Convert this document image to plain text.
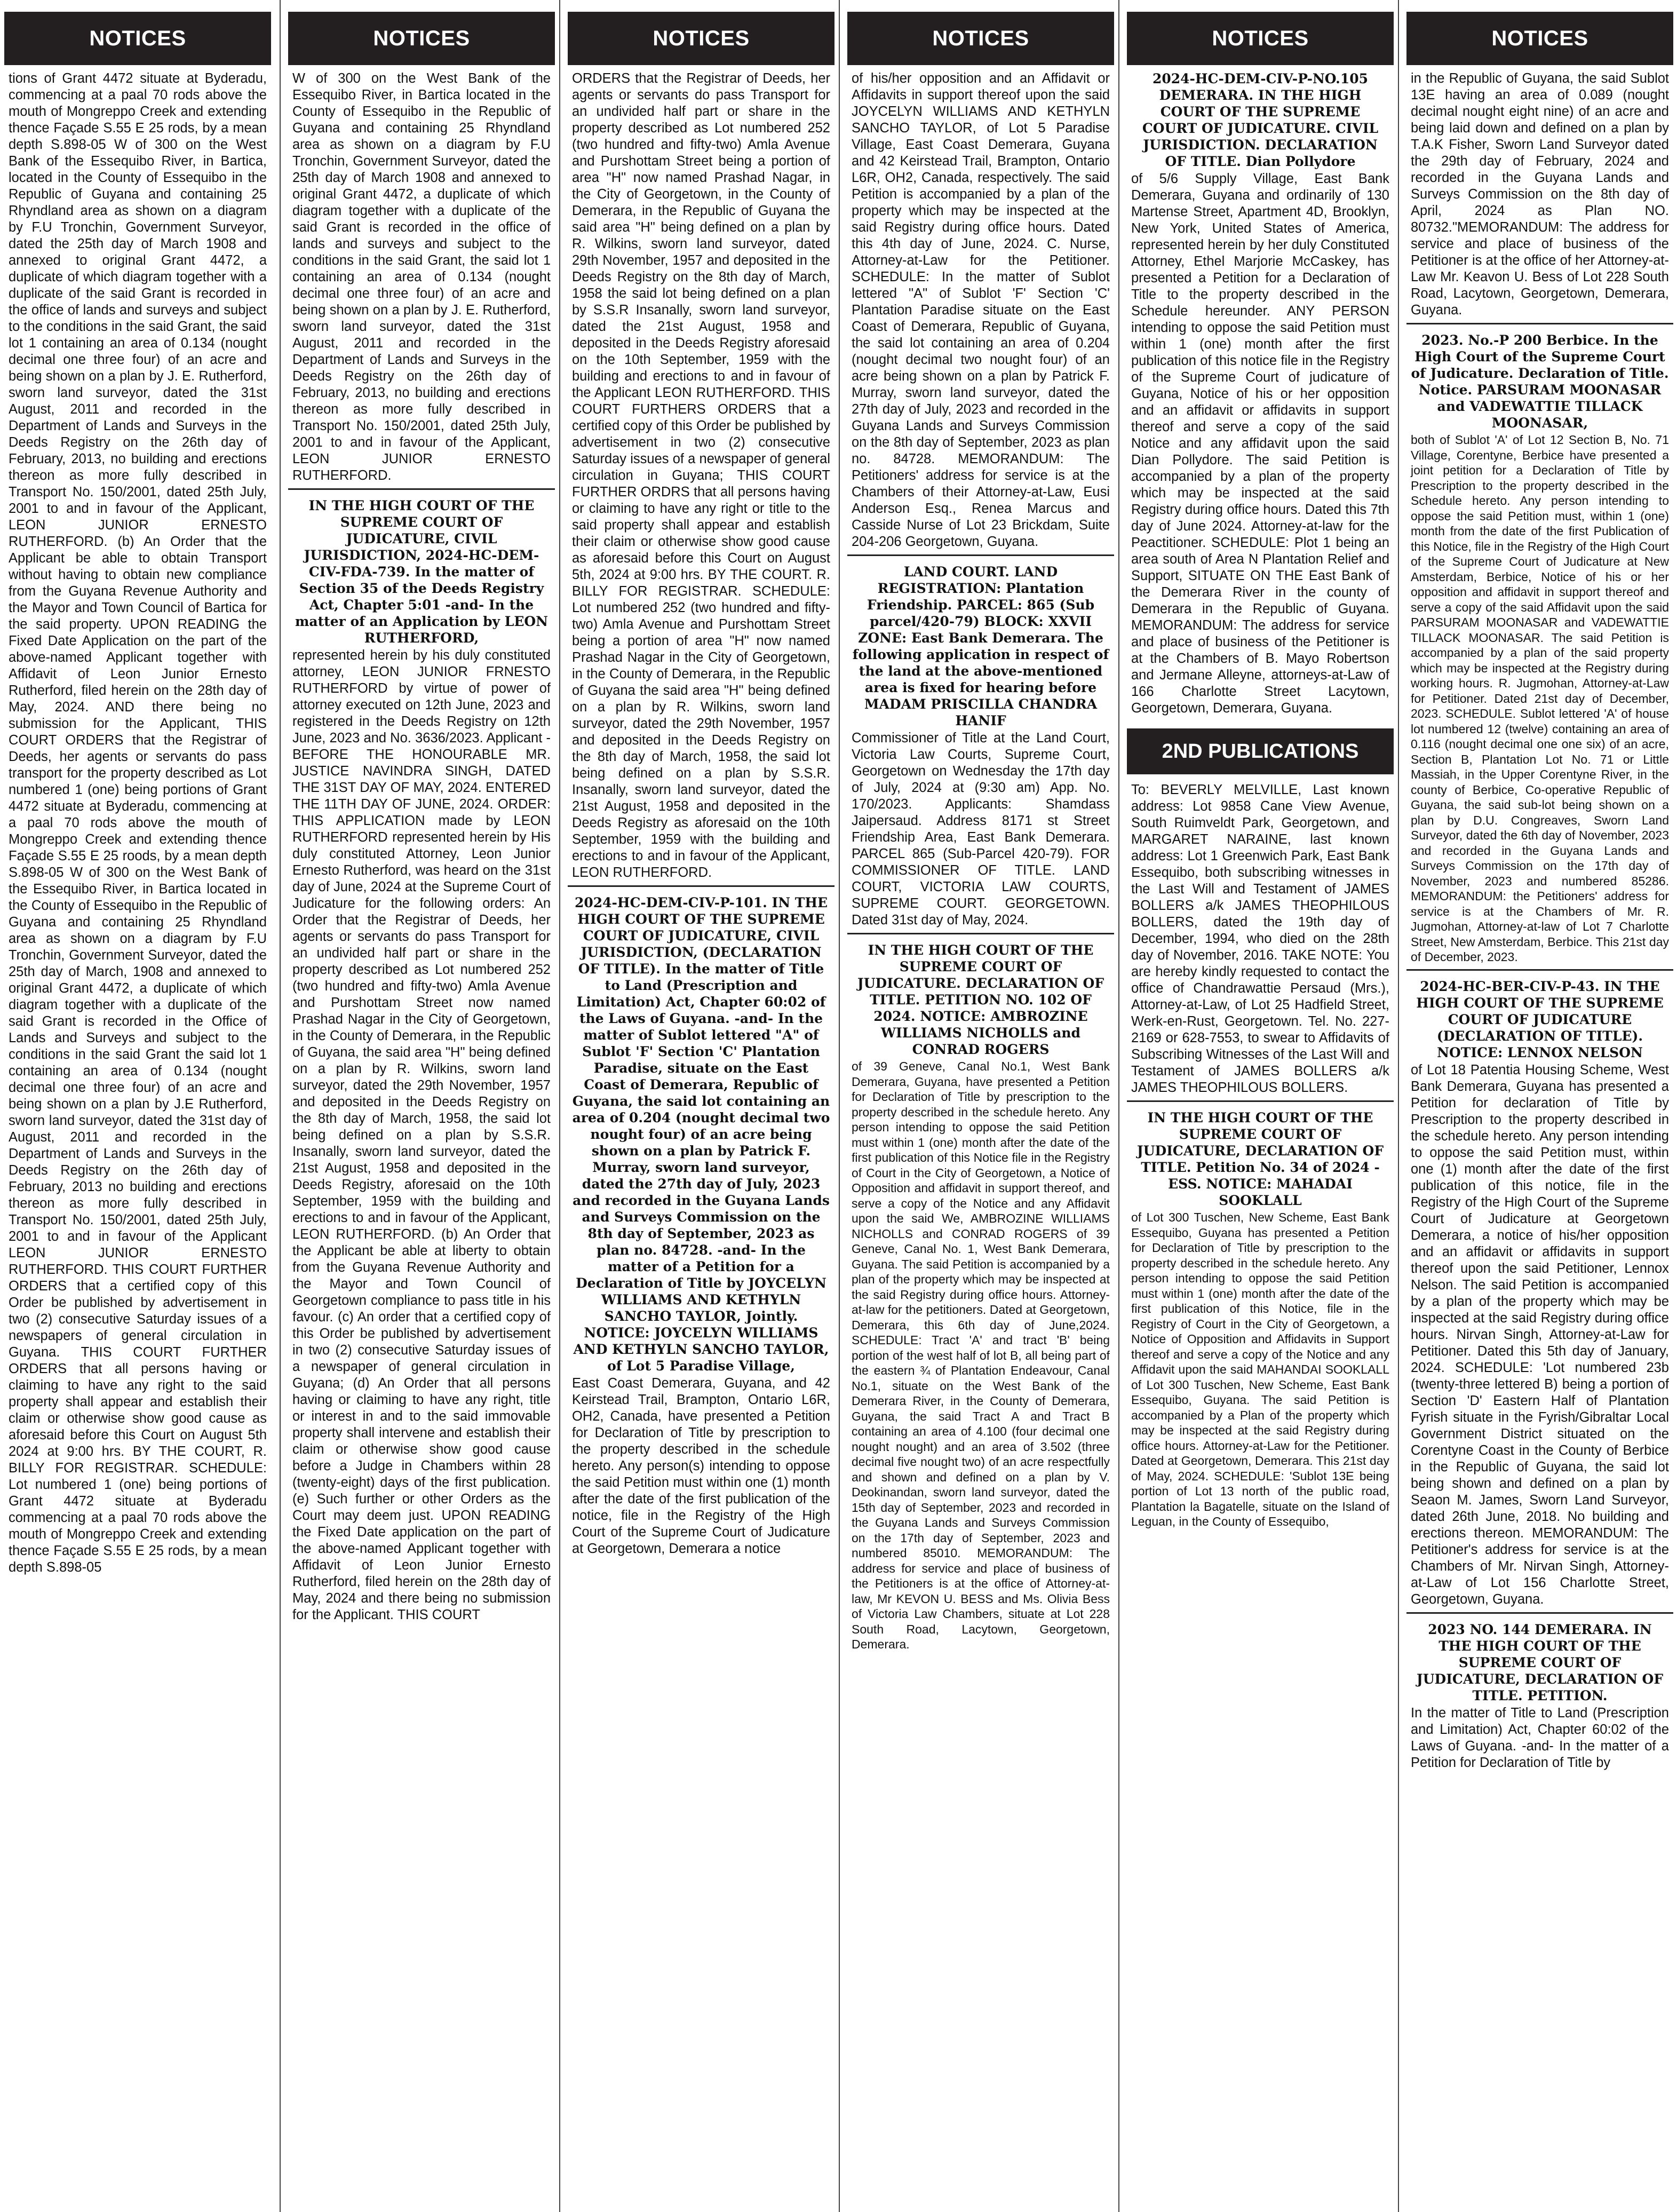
NOTICES
tions of Grant 4472 situate at Byderadu, commencing at a paal 70 rods above the mouth of Mongreppo Creek and extending thence Façade S.55 E 25 rods, by a mean depth S.898-05 W of 300 on the West Bank of the Essequibo River, in Bartica, located in the County of Essequibo in the Republic of Guyana and containing 25 Rhyndland area as shown on a diagram by F.U Tronchin, Government Surveyor, dated the 25th day of March 1908 and annexed to original Grant 4472, a duplicate of which diagram together with a duplicate of the said Grant is recorded in the office of lands and surveys and subject to the conditions in the said Grant, the said lot 1 containing an area of 0.134 (nought decimal one three four) of an acre and being shown on a plan by J. E. Rutherford, sworn land surveyor, dated the 31st August, 2011 and recorded in the Department of Lands and Surveys in the Deeds Registry on the 26th day of February, 2013, no building and erections thereon as more fully described in Transport No. 150/2001, dated 25th July, 2001 to and in favour of the Applicant, LEON JUNIOR ERNESTO RUTHERFORD. (b) An Order that the Applicant be able to obtain Transport without having to obtain new compliance from the Guyana Revenue Authority and the Mayor and Town Council of Bartica for the said property. UPON READING the Fixed Date Application on the part of the above-named Applicant together with Affidavit of Leon Junior Ernesto Rutherford, filed herein on the 28th day of May, 2024. AND there being no submission for the Applicant, THIS COURT ORDERS that the Registrar of Deeds, her agents or servants do pass transport for the property described as Lot numbered 1 (one) being portions of Grant 4472 situate at Byderadu, commencing at a paal 70 rods above the mouth of Mongreppo Creek and extending thence Façade S.55 E 25 roods, by a mean depth S.898-05 W of 300 on the West Bank of the Essequibo River, in Bartica located in the County of Essequibo in the Republic of Guyana and containing 25 Rhyndland area as shown on a diagram by F.U Tronchin, Government Surveyor, dated the 25th day of March, 1908 and annexed to original Grant 4472, a duplicate of which diagram together with a duplicate of the said Grant is recorded in the Office of Lands and Surveys and subject to the conditions in the said Grant the said lot 1 containing an area of 0.134 (nought decimal one three four) of an acre and being shown on a plan by J.E Rutherford, sworn land surveyor, dated the 31st day of August, 2011 and recorded in the Department of Lands and Surveys in the Deeds Registry on the 26th day of February, 2013 no building and erections thereon as more fully described in Transport No. 150/2001, dated 25th July, 2001 to and in favour of the Applicant LEON JUNIOR ERNESTO RUTHERFORD. THIS COURT FURTHER ORDERS that a certified copy of this Order be published by advertisement in two (2) consecutive Saturday issues of a newspapers of general circulation in Guyana. THIS COURT FURTHER ORDERS that all persons having or claiming to have any right to the said property shall appear and establish their claim or otherwise show good cause as aforesaid before this Court on August 5th 2024 at 9:00 hrs. BY THE COURT, R. BILLY FOR REGISTRAR. SCHEDULE: Lot numbered 1 (one) being portions of Grant 4472 situate at Byderadu commencing at a paal 70 rods above the mouth of Mongreppo Creek and extending thence Façade S.55 E 25 rods, by a mean depth S.898-05
NOTICES
W of 300 on the West Bank of the Essequibo River, in Bartica located in the County of Essequibo in the Republic of Guyana and containing 25 Rhyndland area as shown on a diagram by F.U Tronchin, Government Surveyor, dated the 25th day of March 1908 and annexed to original Grant 4472, a duplicate of which diagram together with a duplicate of the said Grant is recorded in the office of lands and surveys and subject to the conditions in the said Grant, the said lot 1 containing an area of 0.134 (nought decimal one three four) of an acre and being shown on a plan by J. E. Rutherford, sworn land surveyor, dated the 31st August, 2011 and recorded in the Department of Lands and Surveys in the Deeds Registry on the 26th day of February, 2013, no building and erections thereon as more fully described in Transport No. 150/2001, dated 25th July, 2001 to and in favour of the Applicant, LEON JUNIOR ERNESTO RUTHERFORD.
IN THE HIGH COURT OF THE SUPREME COURT OF JUDICATURE, CIVIL JURISDICTION, 2024-HC-DEM-CIV-FDA-739. In the matter of Section 35 of the Deeds Registry Act, Chapter 5:01 -and- In the matter of an Application by LEON RUTHERFORD,
represented herein by his duly constituted attorney, LEON JUNIOR FRNESTO RUTHERFORD by virtue of power of attorney executed on 12th June, 2023 and registered in the Deeds Registry on 12th June, 2023 and No. 3636/2023. Applicant - BEFORE THE HONOURABLE MR. JUSTICE NAVINDRA SINGH, DATED THE 31ST DAY OF MAY, 2024. ENTERED THE 11TH DAY OF JUNE, 2024. ORDER: THIS APPLICATION made by LEON RUTHERFORD represented herein by His duly constituted Attorney, Leon Junior Ernesto Rutherford, was heard on the 31st day of June, 2024 at the Supreme Court of Judicature for the following orders: An Order that the Registrar of Deeds, her agents or servants do pass Transport for an undivided half part or share in the property described as Lot numbered 252 (two hundred and fifty-two) Amla Avenue and Purshottam Street now named Prashad Nagar in the City of Georgetown, in the County of Demerara, in the Republic of Guyana, the said area "H" being defined on a plan by R. Wilkins, sworn land surveyor, dated the 29th November, 1957 and deposited in the Deeds Registry on the 8th day of March, 1958, the said lot being defined on a plan by S.S.R. Insanally, sworn land surveyor, dated the 21st August, 1958 and deposited in the Deeds Registry, aforesaid on the 10th September, 1959 with the building and erections to and in favour of the Applicant, LEON RUTHERFORD. (b) An Order that the Applicant be able at liberty to obtain from the Guyana Revenue Authority and the Mayor and Town Council of Georgetown compliance to pass title in his favour. (c) An order that a certified copy of this Order be published by advertisement in two (2) consecutive Saturday issues of a newspaper of general circulation in Guyana; (d) An Order that all persons having or claiming to have any right, title or interest in and to the said immovable property shall intervene and establish their claim or otherwise show good cause before a Judge in Chambers within 28 (twenty-eight) days of the first publication. (e) Such further or other Orders as the Court may deem just. UPON READING the Fixed Date application on the part of the above-named Applicant together with Affidavit of Leon Junior Ernesto Rutherford, filed herein on the 28th day of May, 2024 and there being no submission for the Applicant. THIS COURT
NOTICES
ORDERS that the Registrar of Deeds, her agents or servants do pass Transport for an undivided half part or share in the property described as Lot numbered 252 (two hundred and fifty-two) Amla Avenue and Purshottam Street being a portion of area "H" now named Prashad Nagar, in the City of Georgetown, in the County of Demerara, in the Republic of Guyana the said area "H" being defined on a plan by R. Wilkins, sworn land surveyor, dated 29th November, 1957 and deposited in the Deeds Registry on the 8th day of March, 1958 the said lot being defined on a plan by S.S.R Insanally, sworn land surveyor, dated the 21st August, 1958 and deposited in the Deeds Registry aforesaid on the 10th September, 1959 with the building and erections to and in favour of the Applicant LEON RUTHERFORD. THIS COURT FURTHERS ORDERS that a certified copy of this Order be published by advertisement in two (2) consecutive Saturday issues of a newspaper of general circulation in Guyana; THIS COURT FURTHER ORDRS that all persons having or claiming to have any right or title to the said property shall appear and establish their claim or otherwise show good cause as aforesaid before this Court on August 5th, 2024 at 9:00 hrs. BY THE COURT. R. BILLY FOR REGISTRAR. SCHEDULE: Lot numbered 252 (two hundred and fifty-two) Amla Avenue and Purshottam Street being a portion of area "H" now named Prashad Nagar in the City of Georgetown, in the County of Demerara, in the Republic of Guyana the said area "H" being defined on a plan by R. Wilkins, sworn land surveyor, dated the 29th November, 1957 and deposited in the Deeds Registry on the 8th day of March, 1958, the said lot being defined on a plan by S.S.R. Insanally, sworn land surveyor, dated the 21st August, 1958 and deposited in the Deeds Registry as aforesaid on the 10th September, 1959 with the building and erections to and in favour of the Applicant, LEON RUTHERFORD.
2024-HC-DEM-CIV-P-101. IN THE HIGH COURT OF THE SUPREME COURT OF JUDICATURE, CIVIL JURISDICTION, (DECLARATION OF TITLE). In the matter of Title to Land (Prescription and Limitation) Act, Chapter 60:02 of the Laws of Guyana. -and- In the matter of Sublot lettered "A" of Sublot 'F' Section 'C' Plantation Paradise, situate on the East Coast of Demerara, Republic of Guyana, the said lot containing an area of 0.204 (nought decimal two nought four) of an acre being shown on a plan by Patrick F. Murray, sworn land surveyor, dated the 27th day of July, 2023 and recorded in the Guyana Lands and Surveys Commission on the 8th day of September, 2023 as plan no. 84728. -and- In the matter of a Petition for a Declaration of Title by JOYCELYN WILLIAMS AND KETHYLN SANCHO TAYLOR, Jointly. NOTICE: JOYCELYN WILLIAMS AND KETHYLN SANCHO TAYLOR, of Lot 5 Paradise Village,
East Coast Demerara, Guyana, and 42 Keirstead Trail, Brampton, Ontario L6R, OH2, Canada, have presented a Petition for Declaration of Title by prescription to the property described in the schedule hereto. Any person(s) intending to oppose the said Petition must within one (1) month after the date of the first publication of the notice, file in the Registry of the High Court of the Supreme Court of Judicature at Georgetown, Demerara a notice
NOTICES
of his/her opposition and an Affidavit or Affidavits in support thereof upon the said JOYCELYN WILLIAMS AND KETHYLN SANCHO TAYLOR, of Lot 5 Paradise Village, East Coast Demerara, Guyana and 42 Keirstead Trail, Brampton, Ontario L6R, OH2, Canada, respectively. The said Petition is accompanied by a plan of the property which may be inspected at the said Registry during office hours. Dated this 4th day of June, 2024. C. Nurse, Attorney-at-Law for the Petitioner. SCHEDULE: In the matter of Sublot lettered "A" of Sublot 'F' Section 'C' Plantation Paradise situate on the East Coast of Demerara, Republic of Guyana, the said lot containing an area of 0.204 (nought decimal two nought four) of an acre being shown on a plan by Patrick F. Murray, sworn land surveyor, dated the 27th day of July, 2023 and recorded in the Guyana Lands and Surveys Commission on the 8th day of September, 2023 as plan no. 84728. MEMORANDUM: The Petitioners' address for service is at the Chambers of their Attorney-at-Law, Eusi Anderson Esq., Renea Marcus and Casside Nurse of Lot 23 Brickdam, Suite 204-206 Georgetown, Guyana.
LAND COURT. LAND REGISTRATION: Plantation Friendship. PARCEL: 865 (Sub parcel/420-79) BLOCK: XXVII ZONE: East Bank Demerara. The following application in respect of the land at the above-mentioned area is fixed for hearing before MADAM PRISCILLA CHANDRA HANIF
Commissioner of Title at the Land Court, Victoria Law Courts, Supreme Court, Georgetown on Wednesday the 17th day of July, 2024 at (9:30 am) App. No. 170/2023. Applicants: Shamdass Jaipersaud. Address 8171 st Street Friendship Area, East Bank Demerara. PARCEL 865 (Sub-Parcel 420-79). FOR COMMISSIONER OF TITLE. LAND COURT, VICTORIA LAW COURTS, SUPREME COURT. GEORGETOWN. Dated 31st day of May, 2024.
IN THE HIGH COURT OF THE SUPREME COURT OF JUDICATURE. DECLARATION OF TITLE. PETITION NO. 102 OF 2024. NOTICE: AMBROZINE WILLIAMS NICHOLLS and CONRAD ROGERS
of 39 Geneve, Canal No.1, West Bank Demerara, Guyana, have presented a Petition for Declaration of Title by prescription to the property described in the schedule hereto. Any person intending to oppose the said Petition must within 1 (one) month after the date of the first publication of this Notice file in the Registry of Court in the City of Georgetown, a Notice of Opposition and affidavit in support thereof, and serve a copy of the Notice and any Affidavit upon the said We, AMBROZINE WILLIAMS NICHOLLS and CONRAD ROGERS of 39 Geneve, Canal No. 1, West Bank Demerara, Guyana. The said Petition is accompanied by a plan of the property which may be inspected at the said Registry during office hours. Attorney-at-law for the petitioners. Dated at Georgetown, Demerara, this 6th day of June,2024. SCHEDULE: Tract 'A' and tract 'B' being portion of the west half of lot B, all being part of the eastern ¾ of Plantation Endeavour, Canal No.1, situate on the West Bank of the Demerara River, in the County of Demerara, Guyana, the said Tract A and Tract B containing an area of 4.100 (four decimal one nought nought) and an area of 3.502 (three decimal five nought two) of an acre respectfully and shown and defined on a plan by V. Deokinandan, sworn land surveyor, dated the 15th day of September, 2023 and recorded in the Guyana Lands and Surveys Commission on the 17th day of September, 2023 and numbered 85010. MEMORANDUM: The address for service and place of business of the Petitioners is at the office of Attorney-at-law, Mr KEVON U. BESS and Ms. Olivia Bess of Victoria Law Chambers, situate at Lot 228 South Road, Lacytown, Georgetown, Demerara.
NOTICES
2024-HC-DEM-CIV-P-NO.105 DEMERARA. IN THE HIGH COURT OF THE SUPREME COURT OF JUDICATURE. CIVIL JURISDICTION. DECLARATION OF TITLE. Dian Pollydore
of 5/6 Supply Village, East Bank Demerara, Guyana and ordinarily of 130 Martense Street, Apartment 4D, Brooklyn, New York, United States of America, represented herein by her duly Constituted Attorney, Ethel Marjorie McCaskey, has presented a Petition for a Declaration of Title to the property described in the Schedule hereunder. ANY PERSON intending to oppose the said Petition must within 1 (one) month after the first publication of this notice file in the Registry of the Supreme Court of judicature of Guyana, Notice of his or her opposition and an affidavit or affidavits in support thereof and serve a copy of the said Notice and any affidavit upon the said Dian Pollydore. The said Petition is accompanied by a plan of the property which may be inspected at the said Registry during office hours. Dated this 7th day of June 2024. Attorney-at-law for the Peactitioner. SCHEDULE: Plot 1 being an area south of Area N Plantation Relief and Support, SITUATE ON THE East Bank of the Demerara River in the county of Demerara in the Republic of Guyana. MEMORANDUM: The address for service and place of business of the Petitioner is at the Chambers of B. Mayo Robertson and Jermane Alleyne, attorneys-at-Law of 166 Charlotte Street Lacytown, Georgetown, Demerara, Guyana.
2ND PUBLICATIONS
To: BEVERLY MELVILLE, Last known address: Lot 9858 Cane View Avenue, South Ruimveldt Park, Georgetown, and MARGARET NARAINE, last known address: Lot 1 Greenwich Park, East Bank Essequibo, both subscribing witnesses in the Last Will and Testament of JAMES BOLLERS a/k JAMES THEOPHILOUS BOLLERS, dated the 19th day of December, 1994, who died on the 28th day of November, 2016. TAKE NOTE: You are hereby kindly requested to contact the office of Chandrawattie Persaud (Mrs.), Attorney-at-Law, of Lot 25 Hadfield Street, Werk-en-Rust, Georgetown. Tel. No. 227-2169 or 628-7553, to swear to Affidavits of Subscribing Witnesses of the Last Will and Testament of JAMES BOLLERS a/k JAMES THEOPHILOUS BOLLERS.
IN THE HIGH COURT OF THE SUPREME COURT OF JUDICATURE, DECLARATION OF TITLE. Petition No. 34 of 2024 - ESS. NOTICE: MAHADAI SOOKLALL
of Lot 300 Tuschen, New Scheme, East Bank Essequibo, Guyana has presented a Petition for Declaration of Title by prescription to the property described in the schedule hereto. Any person intending to oppose the said Petition must within 1 (one) month after the date of the first publication of this Notice, file in the Registry of Court in the City of Georgetown, a Notice of Opposition and Affidavits in Support thereof and serve a copy of the Notice and any Affidavit upon the said MAHANDAI SOOKLALL of Lot 300 Tuschen, New Scheme, East Bank Essequibo, Guyana. The said Petition is accompanied by a Plan of the property which may be inspected at the said Registry during office hours. Attorney-at-Law for the Petitioner. Dated at Georgetown, Demerara. This 21st day of May, 2024. SCHEDULE: 'Sublot 13E being portion of Lot 13 north of the public road, Plantation la Bagatelle, situate on the Island of Leguan, in the County of Essequibo,
NOTICES
in the Republic of Guyana, the said Sublot 13E having an area of 0.089 (nought decimal nought eight nine) of an acre and being laid down and defined on a plan by T.A.K Fisher, Sworn Land Surveyor dated the 29th day of February, 2024 and recorded in the Guyana Lands and Surveys Commission on the 8th day of April, 2024 as Plan NO. 80732."MEMORANDUM: The address for service and place of business of the Petitioner is at the office of her Attorney-at-Law Mr. Keavon U. Bess of Lot 228 South Road, Lacytown, Georgetown, Demerara, Guyana.
2023. No.-P 200 Berbice. In the High Court of the Supreme Court of Judicature. Declaration of Title. Notice. PARSURAM MOONASAR and VADEWATTIE TILLACK MOONASAR,
both of Sublot 'A' of Lot 12 Section B, No. 71 Village, Corentyne, Berbice have presented a joint petition for a Declaration of Title by Prescription to the property described in the Schedule hereto. Any person intending to oppose the said Petition must, within 1 (one) month from the date of the first Publication of this Notice, file in the Registry of the High Court of the Supreme Court of Judicature at New Amsterdam, Berbice, Notice of his or her opposition and affidavit in support thereof and serve a copy of the said Affidavit upon the said PARSURAM MOONASAR and VADEWATTIE TILLACK MOONASAR. The said Petition is accompanied by a plan of the said property which may be inspected at the Registry during working hours. R. Jugmohan, Attorney-at-Law for Petitioner. Dated 21st day of December, 2023. SCHEDULE. Sublot lettered 'A' of house lot numbered 12 (twelve) containing an area of 0.116 (nought decimal one one six) of an acre, Section B, Plantation Lot No. 71 or Little Massiah, in the Upper Corentyne River, in the county of Berbice, Co-operative Republic of Guyana, the said sub-lot being shown on a plan by D.U. Congreaves, Sworn Land Surveyor, dated the 6th day of November, 2023 and recorded in the Guyana Lands and Surveys Commission on the 17th day of November, 2023 and numbered 85286. MEMORANDUM: the Petitioners' address for service is at the Chambers of Mr. R. Jugmohan, Attorney-at-law of Lot 7 Charlotte Street, New Amsterdam, Berbice. This 21st day of December, 2023.
2024-HC-BER-CIV-P-43. IN THE HIGH COURT OF THE SUPREME COURT OF JUDICATURE (DECLARATION OF TITLE). NOTICE: LENNOX NELSON
of Lot 18 Patentia Housing Scheme, West Bank Demerara, Guyana has presented a Petition for declaration of Title by Prescription to the property described in the schedule hereto. Any person intending to oppose the said Petition must, within one (1) month after the date of the first publication of this notice, file in the Registry of the High Court of the Supreme Court of Judicature at Georgetown Demerara, a notice of his/her opposition and an affidavit or affidavits in support thereof upon the said Petitioner, Lennox Nelson. The said Petition is accompanied by a plan of the property which may be inspected at the said Registry during office hours. Nirvan Singh, Attorney-at-Law for Petitioner. Dated this 5th day of January, 2024. SCHEDULE: 'Lot numbered 23b (twenty-three lettered B) being a portion of Section 'D' Eastern Half of Plantation Fyrish situate in the Fyrish/Gibraltar Local Government District situated on the Corentyne Coast in the County of Berbice in the Republic of Guyana, the said lot being shown and defined on a plan by Seaon M. James, Sworn Land Surveyor, dated 26th June, 2018. No building and erections thereon. MEMORANDUM: The Petitioner's address for service is at the Chambers of Mr. Nirvan Singh, Attorney-at-Law of Lot 156 Charlotte Street, Georgetown, Guyana.
2023 NO. 144 DEMERARA. IN THE HIGH COURT OF THE SUPREME COURT OF JUDICATURE, DECLARATION OF TITLE. PETITION.
In the matter of Title to Land (Prescription and Limitation) Act, Chapter 60:02 of the Laws of Guyana. -and- In the matter of a Petition for Declaration of Title by
